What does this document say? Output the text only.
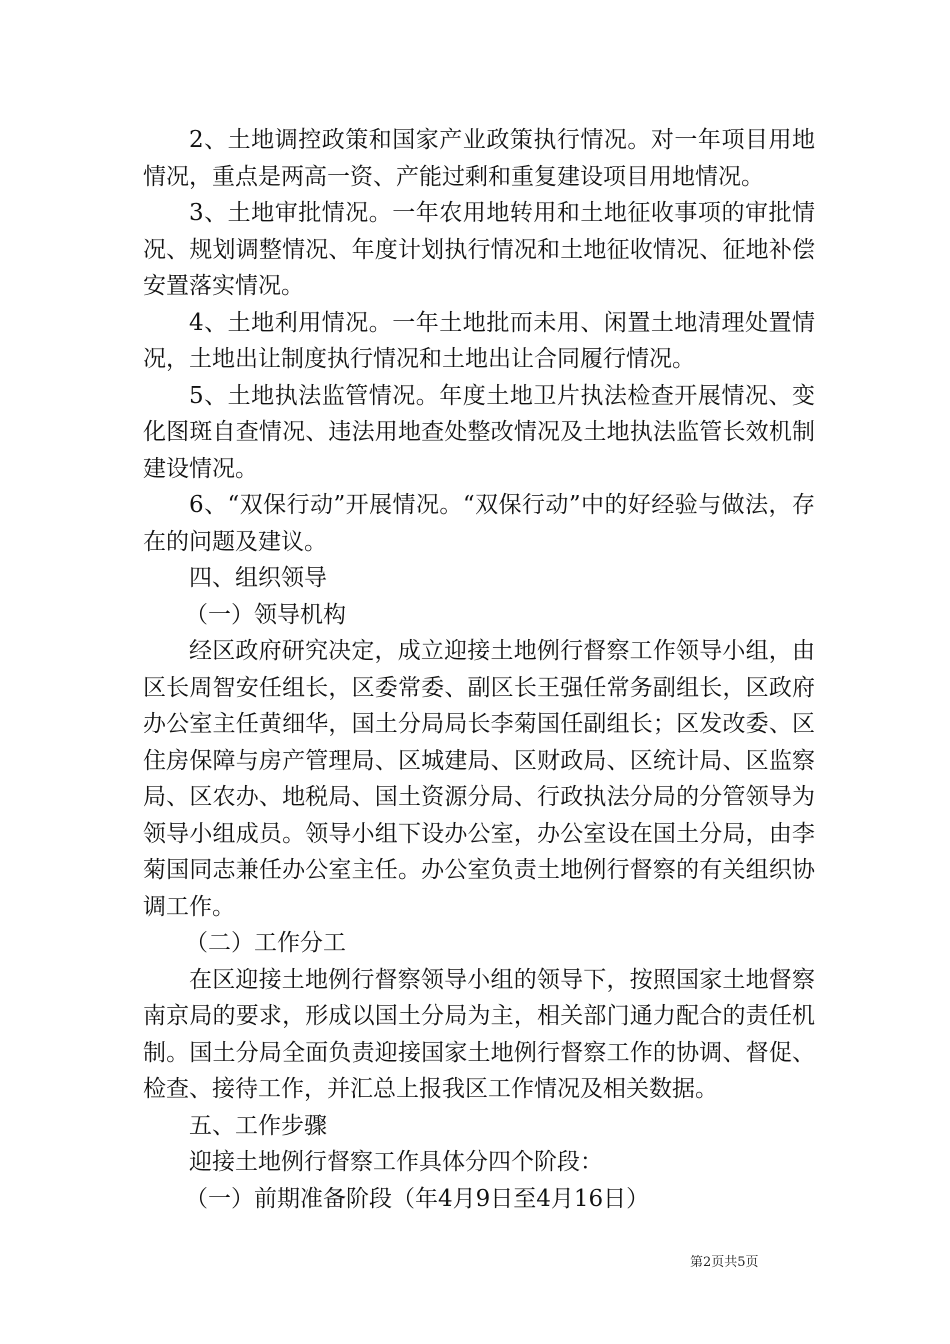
2、土地调控政策和国家产业政策执行情况。对一年项目用地情况，重点是两高一资、产能过剩和重复建设项目用地情况。

3、土地审批情况。一年农用地转用和土地征收事项的审批情况、规划调整情况、年度计划执行情况和土地征收情况、征地补偿安置落实情况。

4、土地利用情况。一年土地批而未用、闲置土地清理处置情况，土地出让制度执行情况和土地出让合同履行情况。

5、土地执法监管情况。年度土地卫片执法检查开展情况、变化图斑自查情况、违法用地查处整改情况及土地执法监管长效机制建设情况。

6、“双保行动”开展情况。“双保行动”中的好经验与做法，存在的问题及建议。

四、组织领导

（一）领导机构

经区政府研究决定，成立迎接土地例行督察工作领导小组，由区长周智安任组长，区委常委、副区长王强任常务副组长，区政府办公室主任黄细华，国土分局局长李菊国任副组长；区发改委、区住房保障与房产管理局、区城建局、区财政局、区统计局、区监察局、区农办、地税局、国土资源分局、行政执法分局的分管领导为领导小组成员。领导小组下设办公室，办公室设在国土分局，由李菊国同志兼任办公室主任。办公室负责土地例行督察的有关组织协调工作。

（二）工作分工

在区迎接土地例行督察领导小组的领导下，按照国家土地督察南京局的要求，形成以国土分局为主，相关部门通力配合的责任机制。国土分局全面负责迎接国家土地例行督察工作的协调、督促、检查、接待工作，并汇总上报我区工作情况及相关数据。

五、工作步骤

迎接土地例行督察工作具体分四个阶段：

（一）前期准备阶段（年4月9日至4月16日）

第2页共5页
